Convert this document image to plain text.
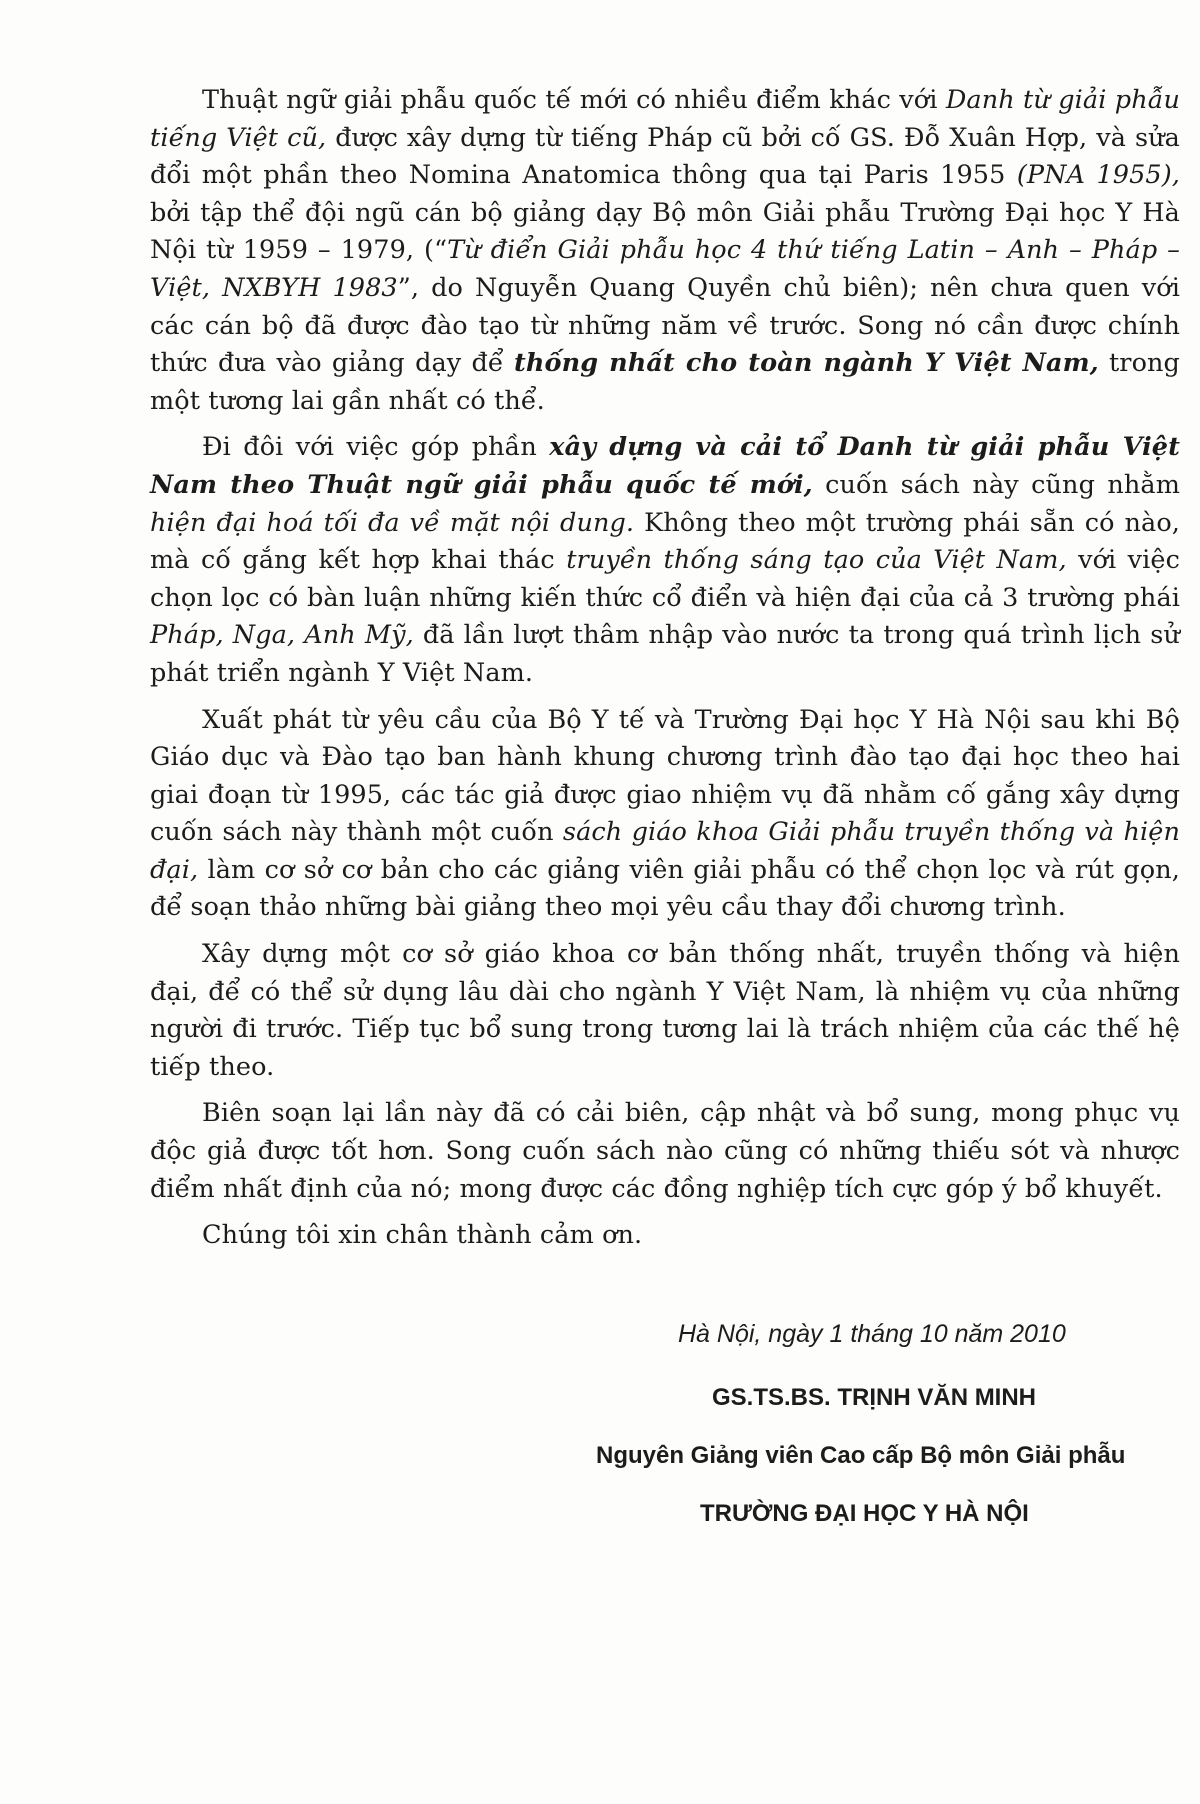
Thuật ngữ giải phẫu quốc tế mới có nhiều điểm khác với Danh từ giải phẫu tiếng Việt cũ, được xây dựng từ tiếng Pháp cũ bởi cố GS. Đỗ Xuân Hợp, và sửa đổi một phần theo Nomina Anatomica thông qua tại Paris 1955 (PNA 1955), bởi tập thể đội ngũ cán bộ giảng dạy Bộ môn Giải phẫu Trường Đại học Y Hà Nội từ 1959 – 1979, (“Từ điển Giải phẫu học 4 thứ tiếng Latin – Anh – Pháp – Việt, NXBYH 1983”, do Nguyễn Quang Quyền chủ biên); nên chưa quen với các cán bộ đã được đào tạo từ những năm về trước. Song nó cần được chính thức đưa vào giảng dạy để thống nhất cho toàn ngành Y Việt Nam, trong một tương lai gần nhất có thể.

Đi đôi với việc góp phần xây dựng và cải tổ Danh từ giải phẫu Việt Nam theo Thuật ngữ giải phẫu quốc tế mới, cuốn sách này cũng nhằm hiện đại hoá tối đa về mặt nội dung. Không theo một trường phái sẵn có nào, mà cố gắng kết hợp khai thác truyền thống sáng tạo của Việt Nam, với việc chọn lọc có bàn luận những kiến thức cổ điển và hiện đại của cả 3 trường phái Pháp, Nga, Anh Mỹ, đã lần lượt thâm nhập vào nước ta trong quá trình lịch sử phát triển ngành Y Việt Nam.

Xuất phát từ yêu cầu của Bộ Y tế và Trường Đại học Y Hà Nội sau khi Bộ Giáo dục và Đào tạo ban hành khung chương trình đào tạo đại học theo hai giai đoạn từ 1995, các tác giả được giao nhiệm vụ đã nhằm cố gắng xây dựng cuốn sách này thành một cuốn sách giáo khoa Giải phẫu truyền thống và hiện đại, làm cơ sở cơ bản cho các giảng viên giải phẫu có thể chọn lọc và rút gọn, để soạn thảo những bài giảng theo mọi yêu cầu thay đổi chương trình.

Xây dựng một cơ sở giáo khoa cơ bản thống nhất, truyền thống và hiện đại, để có thể sử dụng lâu dài cho ngành Y Việt Nam, là nhiệm vụ của những người đi trước. Tiếp tục bổ sung trong tương lai là trách nhiệm của các thế hệ tiếp theo.

Biên soạn lại lần này đã có cải biên, cập nhật và bổ sung, mong phục vụ độc giả được tốt hơn. Song cuốn sách nào cũng có những thiếu sót và nhược điểm nhất định của nó; mong được các đồng nghiệp tích cực góp ý bổ khuyết.

Chúng tôi xin chân thành cảm ơn.

Hà Nội, ngày 1 tháng 10 năm 2010
GS.TS.BS. TRỊNH VĂN MINH
Nguyên Giảng viên Cao cấp Bộ môn Giải phẫu
TRƯỜNG ĐẠI HỌC Y HÀ NỘI
